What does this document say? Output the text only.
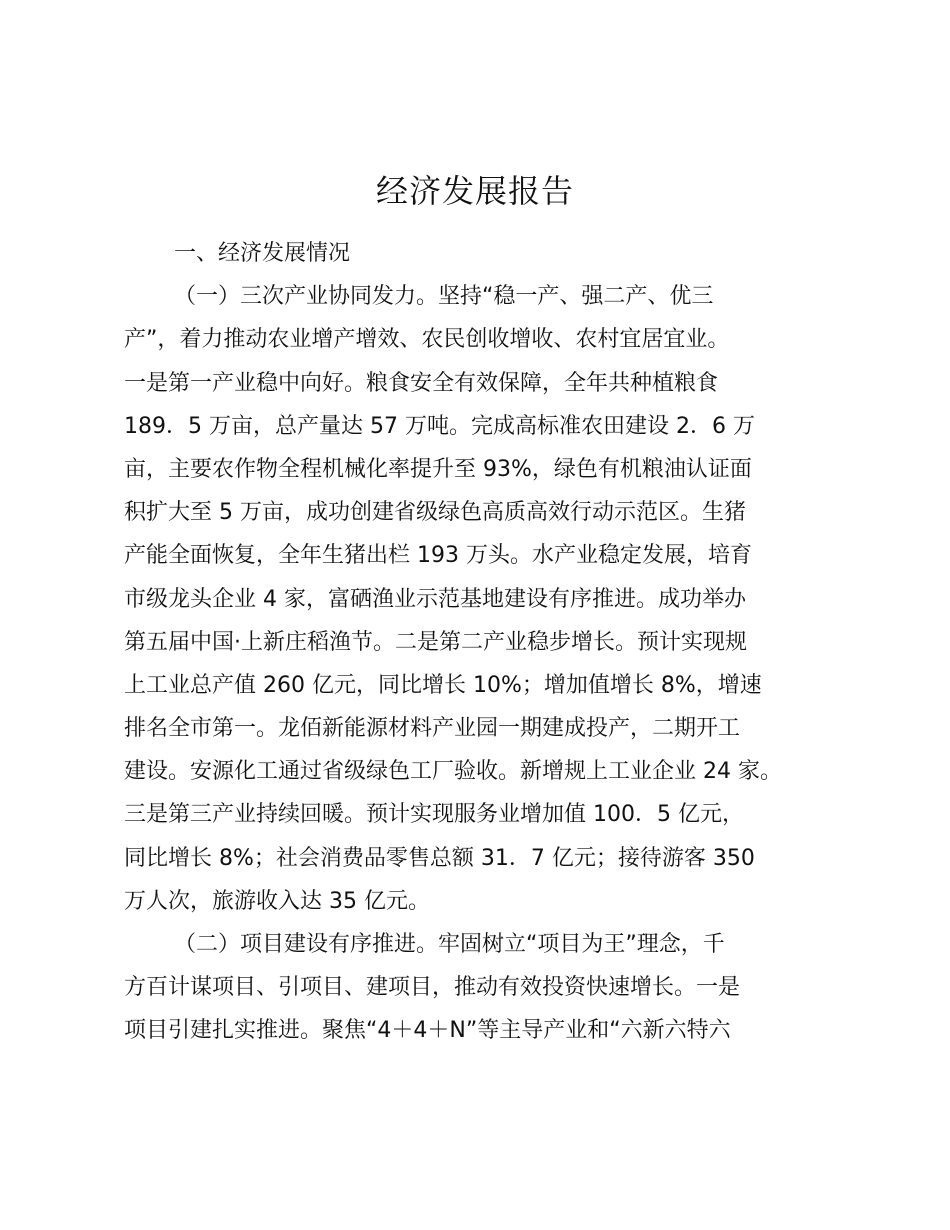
经济发展报告
一、经济发展情况
（一）三次产业协同发力。坚持“稳一产、强二产、优三
产”，着力推动农业增产增效、农民创收增收、农村宜居宜业。
一是第一产业稳中向好。粮食安全有效保障，全年共种植粮食
189．5 万亩，总产量达 57 万吨。完成高标准农田建设 2．6 万
亩，主要农作物全程机械化率提升至 93%，绿色有机粮油认证面
积扩大至 5 万亩，成功创建省级绿色高质高效行动示范区。生猪
产能全面恢复，全年生猪出栏 193 万头。水产业稳定发展，培育
市级龙头企业 4 家，富硒渔业示范基地建设有序推进。成功举办
第五届中国·上新庄稻渔节。二是第二产业稳步增长。预计实现规
上工业总产值 260 亿元，同比增长 10%；增加值增长 8%，增速
排名全市第一。龙佰新能源材料产业园一期建成投产，二期开工
建设。安源化工通过省级绿色工厂验收。新增规上工业企业 24 家。
三是第三产业持续回暖。预计实现服务业增加值 100．5 亿元，
同比增长 8%；社会消费品零售总额 31．7 亿元；接待游客 350
万人次，旅游收入达 35 亿元。
（二）项目建设有序推进。牢固树立“项目为王”理念，千
方百计谋项目、引项目、建项目，推动有效投资快速增长。一是
项目引建扎实推进。聚焦“4＋4＋N”等主导产业和“六新六特六
